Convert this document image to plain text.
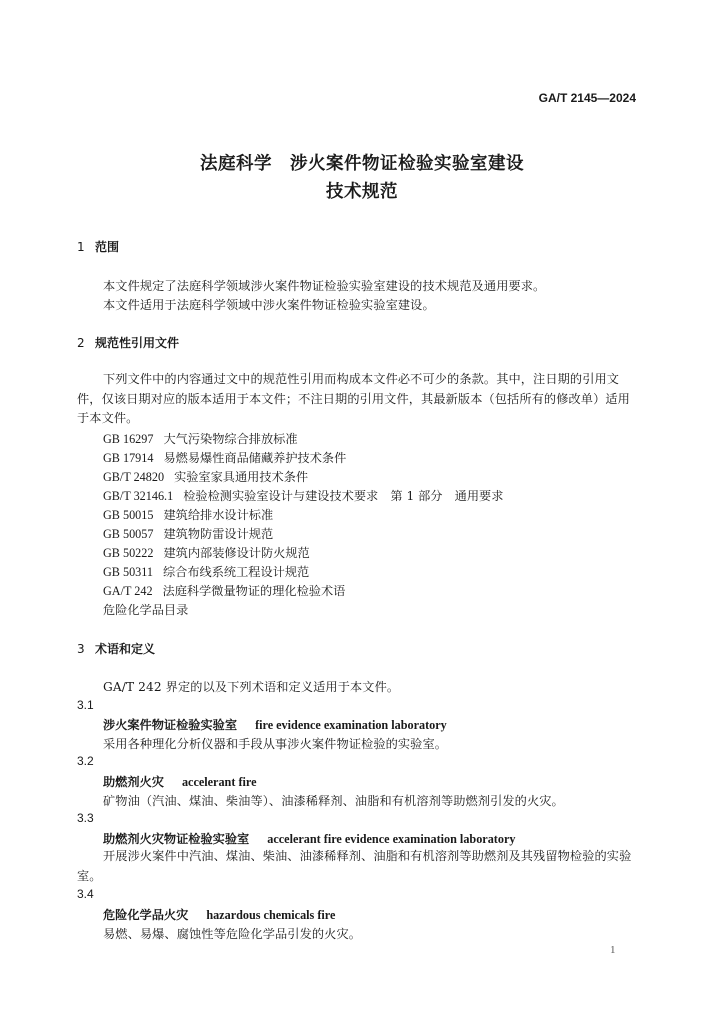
GA/T 2145—2024
法庭科学　涉火案件物证检验实验室建设
技术规范
1 范围
本文件规定了法庭科学领域涉火案件物证检验实验室建设的技术规范及通用要求。
本文件适用于法庭科学领域中涉火案件物证检验实验室建设。
2 规范性引用文件
下列文件中的内容通过文中的规范性引用而构成本文件必不可少的条款。其中，注日期的引用文件，仅该日期对应的版本适用于本文件；不注日期的引用文件，其最新版本（包括所有的修改单）适用于本文件。
GB 16297 大气污染物综合排放标准
GB 17914 易燃易爆性商品储藏养护技术条件
GB/T 24820 实验室家具通用技术条件
GB/T 32146.1 检验检测实验室设计与建设技术要求　第 1 部分　通用要求
GB 50015 建筑给排水设计标准
GB 50057 建筑物防雷设计规范
GB 50222 建筑内部装修设计防火规范
GB 50311 综合布线系统工程设计规范
GA/T 242 法庭科学微量物证的理化检验术语
危险化学品目录
3 术语和定义
GA/T 242 界定的以及下列术语和定义适用于本文件。
3.1
涉火案件物证检验实验室 fire evidence examination laboratory
采用各种理化分析仪器和手段从事涉火案件物证检验的实验室。
3.2
助燃剂火灾 accelerant fire
矿物油（汽油、煤油、柴油等）、油漆稀释剂、油脂和有机溶剂等助燃剂引发的火灾。
3.3
助燃剂火灾物证检验实验室 accelerant fire evidence examination laboratory
开展涉火案件中汽油、煤油、柴油、油漆稀释剂、油脂和有机溶剂等助燃剂及其残留物检验的实验室。
3.4
危险化学品火灾 hazardous chemicals fire
易燃、易爆、腐蚀性等危险化学品引发的火灾。
1
